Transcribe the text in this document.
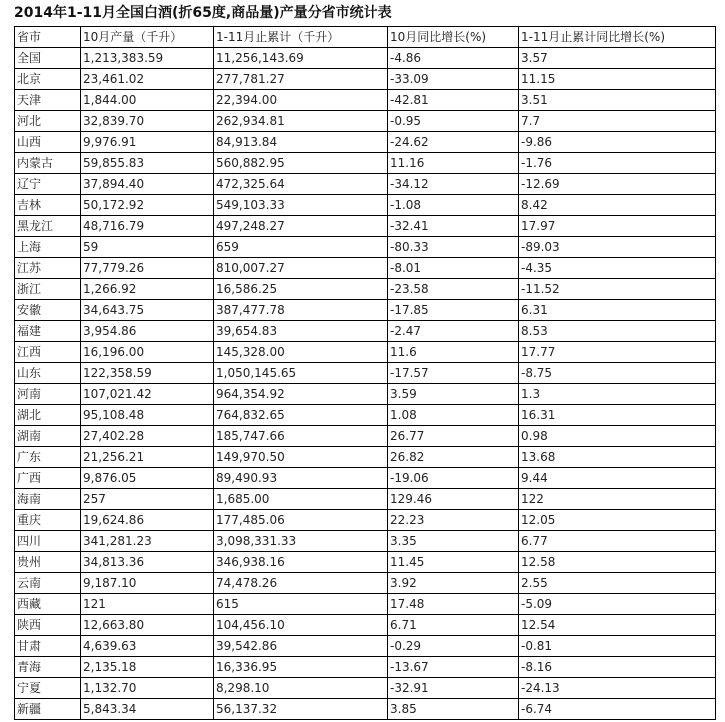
2014年1-11月全国白酒(折65度,商品量)产量分省市统计表
省市	10月产量（千升）	1-11月止累计（千升）	10月同比增长(%)	1-11月止累计同比增长(%)
全国	1,213,383.59	11,256,143.69	-4.86	3.57
北京	23,461.02	277,781.27	-33.09	11.15
天津	1,844.00	22,394.00	-42.81	3.51
河北	32,839.70	262,934.81	-0.95	7.7
山西	9,976.91	84,913.84	-24.62	-9.86
内蒙古	59,855.83	560,882.95	11.16	-1.76
辽宁	37,894.40	472,325.64	-34.12	-12.69
吉林	50,172.92	549,103.33	-1.08	8.42
黑龙江	48,716.79	497,248.27	-32.41	17.97
上海	59	659	-80.33	-89.03
江苏	77,779.26	810,007.27	-8.01	-4.35
浙江	1,266.92	16,586.25	-23.58	-11.52
安徽	34,643.75	387,477.78	-17.85	6.31
福建	3,954.86	39,654.83	-2.47	8.53
江西	16,196.00	145,328.00	11.6	17.77
山东	122,358.59	1,050,145.65	-17.57	-8.75
河南	107,021.42	964,354.92	3.59	1.3
湖北	95,108.48	764,832.65	1.08	16.31
湖南	27,402.28	185,747.66	26.77	0.98
广东	21,256.21	149,970.50	26.82	13.68
广西	9,876.05	89,490.93	-19.06	9.44
海南	257	1,685.00	129.46	122
重庆	19,624.86	177,485.06	22.23	12.05
四川	341,281.23	3,098,331.33	3.35	6.77
贵州	34,813.36	346,938.16	11.45	12.58
云南	9,187.10	74,478.26	3.92	2.55
西藏	121	615	17.48	-5.09
陕西	12,663.80	104,456.10	6.71	12.54
甘肃	4,639.63	39,542.86	-0.29	-0.81
青海	2,135.18	16,336.95	-13.67	-8.16
宁夏	1,132.70	8,298.10	-32.91	-24.13
新疆	5,843.34	56,137.32	3.85	-6.74
